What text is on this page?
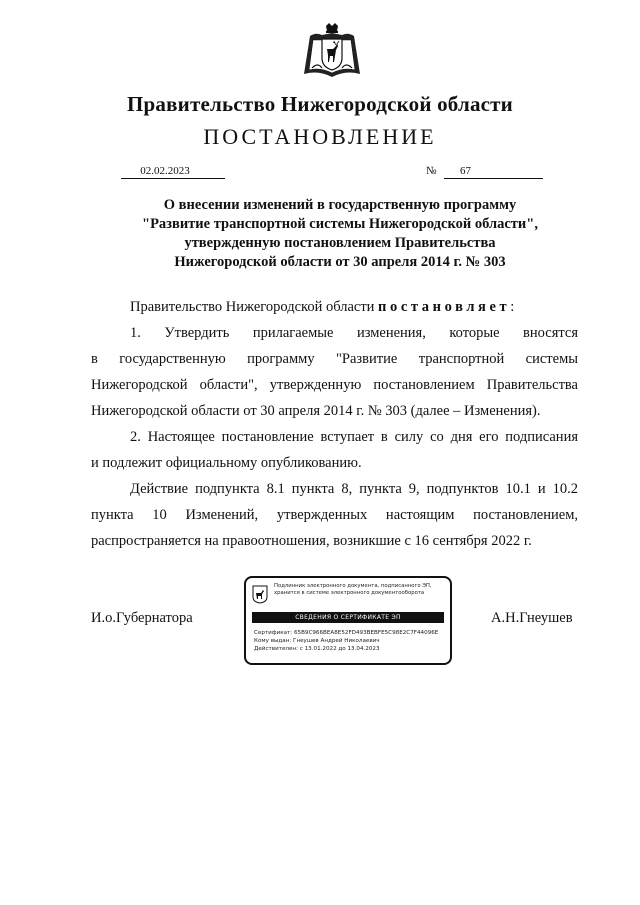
Правительство Нижегородской области
ПОСТАНОВЛЕНИЕ
02.02.2023	№ 67
О внесении изменений в государственную программу
"Развитие транспортной системы Нижегородской области",
утвержденную постановлением Правительства
Нижегородской области от 30 апреля 2014 г. № 303
Правительство Нижегородской области постановляет:
1. Утвердить прилагаемые изменения, которые вносятся
в государственную программу "Развитие транспортной системы
Нижегородской области", утвержденную постановлением Правительства
Нижегородской области от 30 апреля 2014 г. № 303 (далее – Изменения).
2. Настоящее постановление вступает в силу со дня его подписания
и подлежит официальному опубликованию.
Действие подпункта 8.1 пункта 8, пункта 9, подпунктов 10.1 и 10.2
пункта 10 Изменений, утвержденных настоящим постановлением,
распространяется на правоотношения, возникшие с 16 сентября 2022 г.
И.о.Губернатора	А.Н.Гнеушев
Подлинник электронного документа, подписанного ЭП,
хранится в системе электронного документооборота
СВЕДЕНИЯ О СЕРТИФИКАТЕ ЭП
Сертификат: 65B9C966BEA8E52FD493BEBFE5C98E2C7F44096E
Кому выдан: Гнеушев Андрей Николаевич
Действителен: с 13.01.2022 до 13.04.2023
